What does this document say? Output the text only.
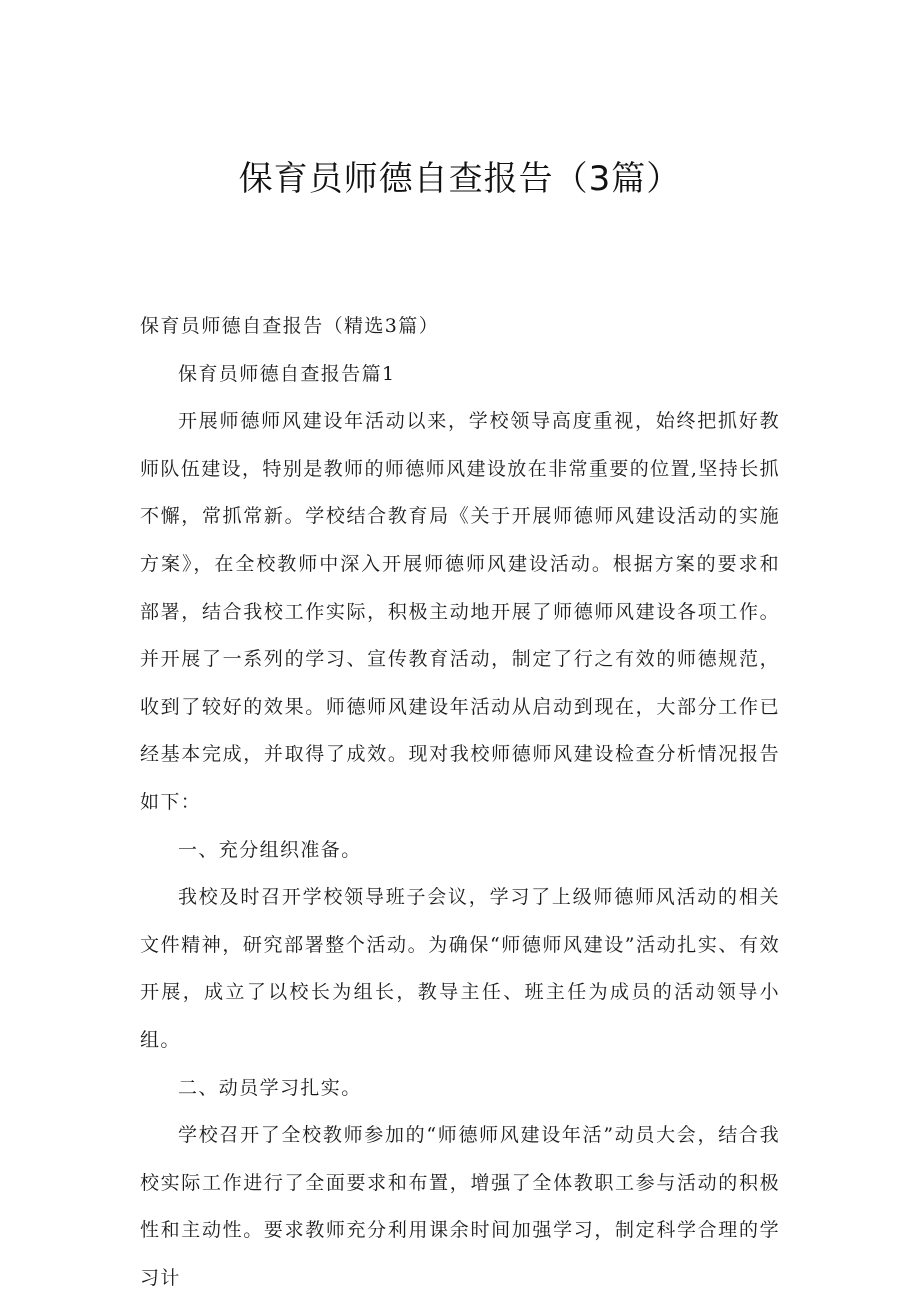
保育员师德自查报告（3篇）

保育员师德自查报告（精选3篇）

保育员师德自查报告篇1

开展师德师风建设年活动以来，学校领导高度重视，始终把抓好教师队伍建设，特别是教师的师德师风建设放在非常重要的位置,坚持长抓不懈，常抓常新。学校结合教育局《关于开展师德师风建设活动的实施方案》，在全校教师中深入开展师德师风建设活动。根据方案的要求和部署，结合我校工作实际，积极主动地开展了师德师风建设各项工作。并开展了一系列的学习、宣传教育活动，制定了行之有效的师德规范，收到了较好的效果。师德师风建设年活动从启动到现在，大部分工作已经基本完成，并取得了成效。现对我校师德师风建设检查分析情况报告如下：

一、充分组织准备。

我校及时召开学校领导班子会议，学习了上级师德师风活动的相关文件精神，研究部署整个活动。为确保“师德师风建设”活动扎实、有效开展，成立了以校长为组长，教导主任、班主任为成员的活动领导小组。

二、动员学习扎实。

学校召开了全校教师参加的“师德师风建设年活”动员大会，结合我校实际工作进行了全面要求和布置，增强了全体教职工参与活动的积极性和主动性。要求教师充分利用课余时间加强学习，制定科学合理的学习计
